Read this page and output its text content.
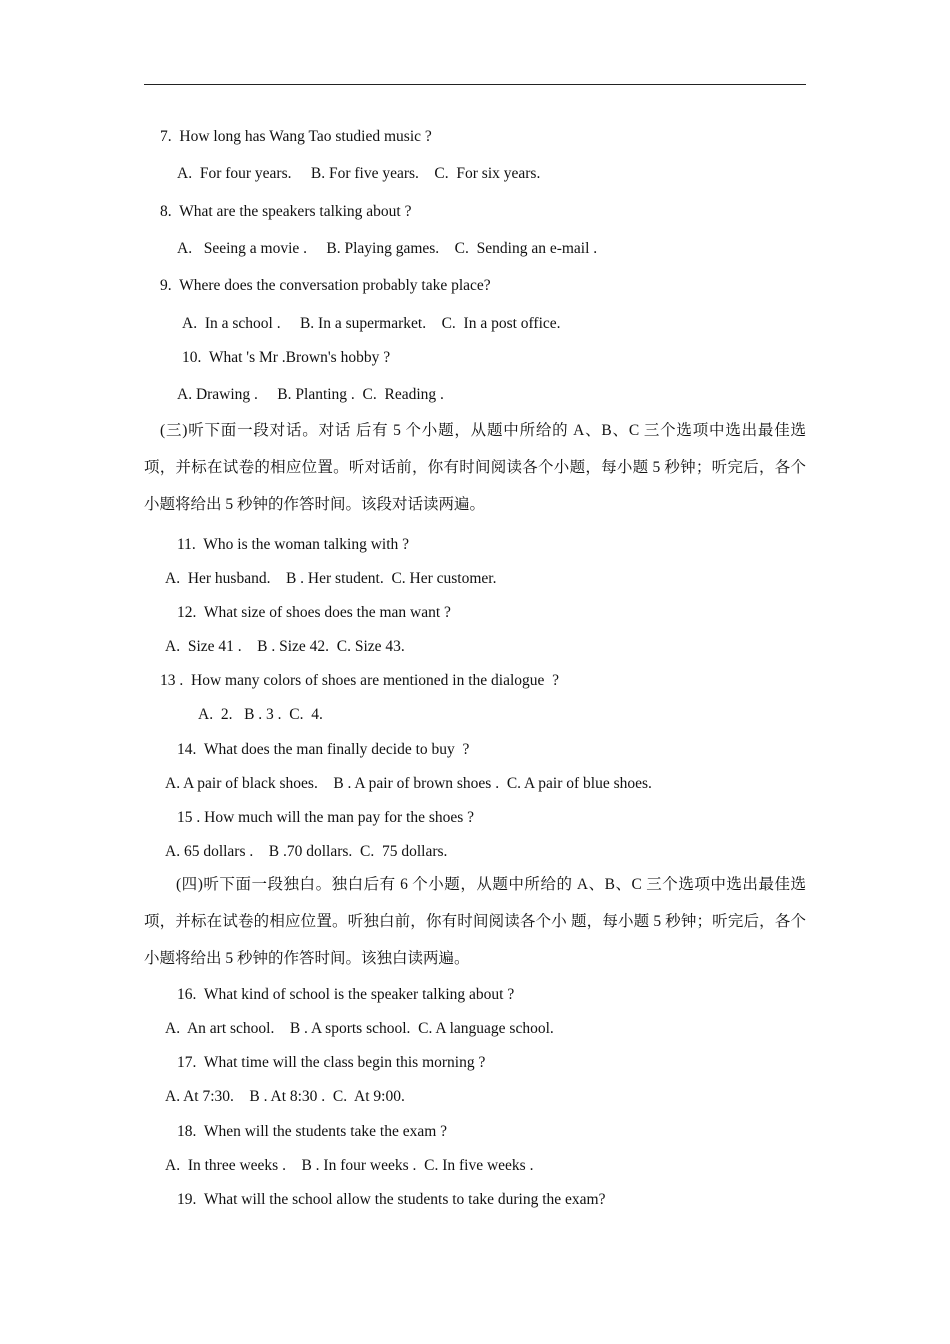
7.  How long has Wang Tao studied music ?
A.  For four years.     B. For five years.    C.  For six years.
8.  What are the speakers talking about ?
A.   Seeing a movie .     B. Playing games.    C.  Sending an e-mail .
9.  Where does the conversation probably take place?
A.  In a school .     B. In a supermarket.    C.  In a post office.
10.  What 's Mr .Brown's hobby ?
A. Drawing .     B. Planting .  C.  Reading .
(三)听下面一段对话。对话 后有 5 个小题，从题中所给的 A、B、C 三个选项中选出最佳选
项，并标在试卷的相应位置。听对话前，你有时间阅读各个小题，每小题 5 秒钟；听完后，各个小题将给出 5 秒钟的作答时间。该段对话读两遍。
11.  Who is the woman talking with ?
A.  Her husband.    B . Her student.  C. Her customer.
12.  What size of shoes does the man want ?
A.  Size 41 .    B . Size 42.  C. Size 43.
13 .  How many colors of shoes are mentioned in the dialogue  ?
A.  2.   B . 3 .  C.  4.
14.  What does the man finally decide to buy  ?
A. A pair of black shoes.    B . A pair of brown shoes .  C. A pair of blue shoes.
15 . How much will the man pay for the shoes ?
A. 65 dollars .    B .70 dollars.  C.  75 dollars.
(四)听下面一段独白。独白后有 6 个小题，从题中所给的 A、B、C 三个选项中选出最佳选
项，并标在试卷的相应位置。听独白前，你有时间阅读各个小 题，每小题 5 秒钟；听完后，各个小题将给出 5 秒钟的作答时间。该独白读两遍。
16.  What kind of school is the speaker talking about ?
A.  An art school.    B . A sports school.  C. A language school.
17.  What time will the class begin this morning ?
A. At 7:30.    B . At 8:30 .  C.  At 9:00.
18.  When will the students take the exam ?
A.  In three weeks .    B . In four weeks .  C. In five weeks .
19.  What will the school allow the students to take during the exam?
